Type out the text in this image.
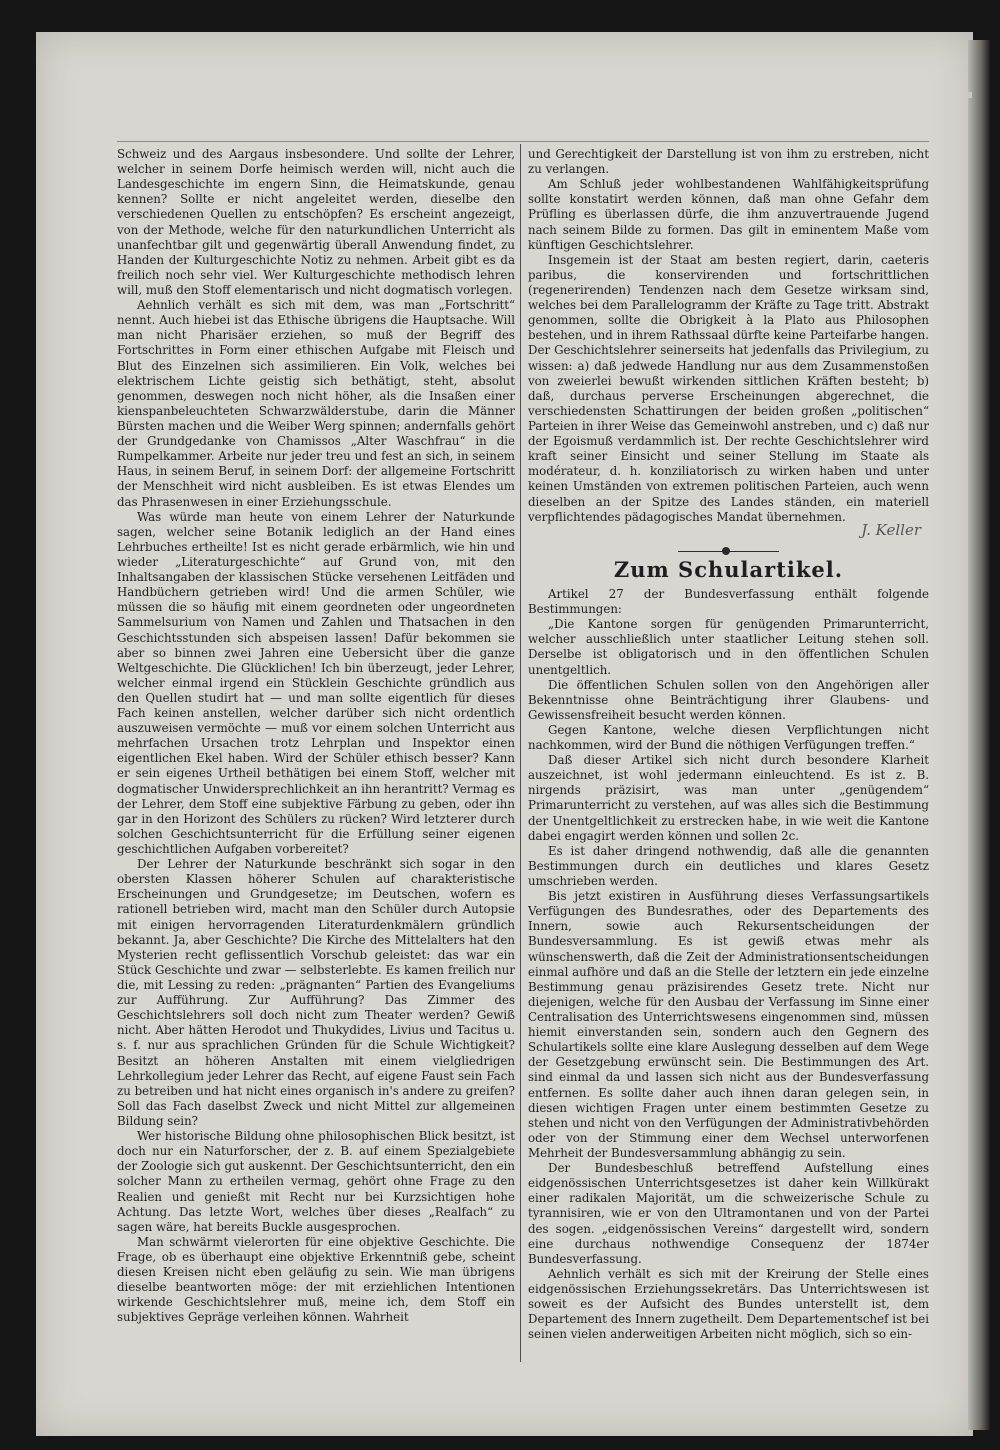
Schweiz und des Aargaus insbesondere. Und sollte der Lehrer, welcher in seinem Dorfe heimisch werden will, nicht auch die Landesgeschichte im engern Sinn, die Heimatskunde, genau kennen? Sollte er nicht angeleitet werden, dieselbe den verschiedenen Quellen zu entschöpfen? Es erscheint angezeigt, von der Methode, welche für den naturkundlichen Unterricht als unanfechtbar gilt und gegenwärtig überall Anwendung findet, zu Handen der Kulturgeschichte Notiz zu nehmen. Arbeit gibt es da freilich noch sehr viel. Wer Kulturgeschichte methodisch lehren will, muß den Stoff elementarisch und nicht dogmatisch vorlegen.

Aehnlich verhält es sich mit dem, was man „Fortschritt“ nennt. Auch hiebei ist das Ethische übrigens die Hauptsache. Will man nicht Pharisäer erziehen, so muß der Begriff des Fortschrittes in Form einer ethischen Aufgabe mit Fleisch und Blut des Einzelnen sich assimilieren. Ein Volk, welches bei elektrischem Lichte geistig sich bethätigt, steht, absolut genommen, deswegen noch nicht höher, als die Insaßen einer kienspanbeleuchteten Schwarzwälderstube, darin die Männer Bürsten machen und die Weiber Werg spinnen; andernfalls gehört der Grundgedanke von Chamissos „Alter Waschfrau“ in die Rumpelkammer. Arbeite nur jeder treu und fest an sich, in seinem Haus, in seinem Beruf, in seinem Dorf: der allgemeine Fortschritt der Menschheit wird nicht ausbleiben. Es ist etwas Elendes um das Phrasenwesen in einer Erziehungsschule.

Was würde man heute von einem Lehrer der Naturkunde sagen, welcher seine Botanik lediglich an der Hand eines Lehrbuches ertheilte! Ist es nicht gerade erbärmlich, wie hin und wieder „Literaturgeschichte“ auf Grund von, mit den Inhaltsangaben der klassischen Stücke versehenen Leitfäden und Handbüchern getrieben wird! Und die armen Schüler, wie müssen die so häufig mit einem geordneten oder ungeordneten Sammelsurium von Namen und Zahlen und Thatsachen in den Geschichtsstunden sich abspeisen lassen! Dafür bekommen sie aber so binnen zwei Jahren eine Uebersicht über die ganze Weltgeschichte. Die Glücklichen! Ich bin überzeugt, jeder Lehrer, welcher einmal irgend ein Stücklein Geschichte gründlich aus den Quellen studirt hat — und man sollte eigentlich für dieses Fach keinen anstellen, welcher darüber sich nicht ordentlich auszuweisen vermöchte — muß vor einem solchen Unterricht aus mehrfachen Ursachen trotz Lehrplan und Inspektor einen eigentlichen Ekel haben. Wird der Schüler ethisch besser? Kann er sein eigenes Urtheil bethätigen bei einem Stoff, welcher mit dogmatischer Unwidersprechlichkeit an ihn herantritt? Vermag es der Lehrer, dem Stoff eine subjektive Färbung zu geben, oder ihn gar in den Horizont des Schülers zu rücken? Wird letzterer durch solchen Geschichtsunterricht für die Erfüllung seiner eigenen geschichtlichen Aufgaben vorbereitet?

Der Lehrer der Naturkunde beschränkt sich sogar in den obersten Klassen höherer Schulen auf charakteristische Erscheinungen und Grundgesetze; im Deutschen, wofern es rationell betrieben wird, macht man den Schüler durch Autopsie mit einigen hervorragenden Literaturdenkmälern gründlich bekannt. Ja, aber Geschichte? Die Kirche des Mittelalters hat den Mysterien recht geflissentlich Vorschub geleistet: das war ein Stück Geschichte und zwar — selbsterlebte. Es kamen freilich nur die, mit Lessing zu reden: „prägnanten“ Partien des Evangeliums zur Aufführung. Zur Aufführung? Das Zimmer des Geschichtslehrers soll doch nicht zum Theater werden? Gewiß nicht. Aber hätten Herodot und Thukydides, Livius und Tacitus u. s. f. nur aus sprachlichen Gründen für die Schule Wichtigkeit? Besitzt an höheren Anstalten mit einem vielgliedrigen Lehrkollegium jeder Lehrer das Recht, auf eigene Faust sein Fach zu betreiben und hat nicht eines organisch in's andere zu greifen? Soll das Fach daselbst Zweck und nicht Mittel zur allgemeinen Bildung sein?

Wer historische Bildung ohne philosophischen Blick besitzt, ist doch nur ein Naturforscher, der z. B. auf einem Spezialgebiete der Zoologie sich gut auskennt. Der Geschichtsunterricht, den ein solcher Mann zu ertheilen vermag, gehört ohne Frage zu den Realien und genießt mit Recht nur bei Kurzsichtigen hohe Achtung. Das letzte Wort, welches über dieses „Realfach“ zu sagen wäre, hat bereits Buckle ausgesprochen.

Man schwärmt vielerorten für eine objektive Geschichte. Die Frage, ob es überhaupt eine objektive Erkenntniß gebe, scheint diesen Kreisen nicht eben geläufig zu sein. Wie man übrigens dieselbe beantworten möge: der mit erziehlichen Intentionen wirkende Geschichtslehrer muß, meine ich, dem Stoff ein subjektives Gepräge verleihen können. Wahrheit

und Gerechtigkeit der Darstellung ist von ihm zu erstreben, nicht zu verlangen.

Am Schluß jeder wohlbestandenen Wahlfähigkeitsprüfung sollte konstatirt werden können, daß man ohne Gefahr dem Prüfling es überlassen dürfe, die ihm anzuvertrauende Jugend nach seinem Bilde zu formen. Das gilt in eminentem Maße vom künftigen Geschichtslehrer.

Insgemein ist der Staat am besten regiert, darin, caeteris paribus, die konservirenden und fortschrittlichen (regenerirenden) Tendenzen nach dem Gesetze wirksam sind, welches bei dem Parallelogramm der Kräfte zu Tage tritt. Abstrakt genommen, sollte die Obrigkeit à la Plato aus Philosophen bestehen, und in ihrem Rathssaal dürfte keine Parteifarbe hangen. Der Geschichtslehrer seinerseits hat jedenfalls das Privilegium, zu wissen: a) daß jedwede Handlung nur aus dem Zusammenstoßen von zweierlei bewußt wirkenden sittlichen Kräften besteht; b) daß, durchaus perverse Erscheinungen abgerechnet, die verschiedensten Schattirungen der beiden großen „politischen“ Parteien in ihrer Weise das Gemeinwohl anstreben, und c) daß nur der Egoismuß verdammlich ist. Der rechte Geschichtslehrer wird kraft seiner Einsicht und seiner Stellung im Staate als modérateur, d. h. konziliatorisch zu wirken haben und unter keinen Umständen von extremen politischen Parteien, auch wenn dieselben an der Spitze des Landes ständen, ein materiell verpflichtendes pädagogisches Mandat übernehmen.

J. Keller

Zum Schulartikel.

Artikel 27 der Bundesverfassung enthält folgende Bestimmungen:

„Die Kantone sorgen für genügenden Primarunterricht, welcher ausschließlich unter staatlicher Leitung stehen soll. Derselbe ist obligatorisch und in den öffentlichen Schulen unentgeltlich.

Die öffentlichen Schulen sollen von den Angehörigen aller Bekenntnisse ohne Beinträchtigung ihrer Glaubens- und Gewissensfreiheit besucht werden können.

Gegen Kantone, welche diesen Verpflichtungen nicht nachkommen, wird der Bund die nöthigen Verfügungen treffen.“

Daß dieser Artikel sich nicht durch besondere Klarheit auszeichnet, ist wohl jedermann einleuchtend. Es ist z. B. nirgends präzisirt, was man unter „genügendem“ Primarunterricht zu verstehen, auf was alles sich die Bestimmung der Unentgeltlichkeit zu erstrecken habe, in wie weit die Kantone dabei engagirt werden können und sollen 2c.

Es ist daher dringend nothwendig, daß alle die genannten Bestimmungen durch ein deutliches und klares Gesetz umschrieben werden.

Bis jetzt existiren in Ausführung dieses Verfassungsartikels Verfügungen des Bundesrathes, oder des Departements des Innern, sowie auch Rekursentscheidungen der Bundesversammlung. Es ist gewiß etwas mehr als wünschenswerth, daß die Zeit der Administrationsentscheidungen einmal aufhöre und daß an die Stelle der letztern ein jede einzelne Bestimmung genau präzisirendes Gesetz trete. Nicht nur diejenigen, welche für den Ausbau der Verfassung im Sinne einer Centralisation des Unterrichtswesens eingenommen sind, müssen hiemit einverstanden sein, sondern auch den Gegnern des Schulartikels sollte eine klare Auslegung desselben auf dem Wege der Gesetzgebung erwünscht sein. Die Bestimmungen des Art. sind einmal da und lassen sich nicht aus der Bundesverfassung entfernen. Es sollte daher auch ihnen daran gelegen sein, in diesen wichtigen Fragen unter einem bestimmten Gesetze zu stehen und nicht von den Verfügungen der Administrativbehörden oder von der Stimmung einer dem Wechsel unterworfenen Mehrheit der Bundesversammlung abhängig zu sein.

Der Bundesbeschluß betreffend Aufstellung eines eidgenössischen Unterrichtsgesetzes ist daher kein Willkürakt einer radikalen Majorität, um die schweizerische Schule zu tyrannisiren, wie er von den Ultramontanen und von der Partei des sogen. „eidgenössischen Vereins“ dargestellt wird, sondern eine durchaus nothwendige Consequenz der 1874er Bundesverfassung.

Aehnlich verhält es sich mit der Kreirung der Stelle eines eidgenössischen Erziehungssekretärs. Das Unterrichtswesen ist soweit es der Aufsicht des Bundes unterstellt ist, dem Departement des Innern zugetheilt. Dem Departementschef ist bei seinen vielen anderweitigen Arbeiten nicht möglich, sich so ein-
